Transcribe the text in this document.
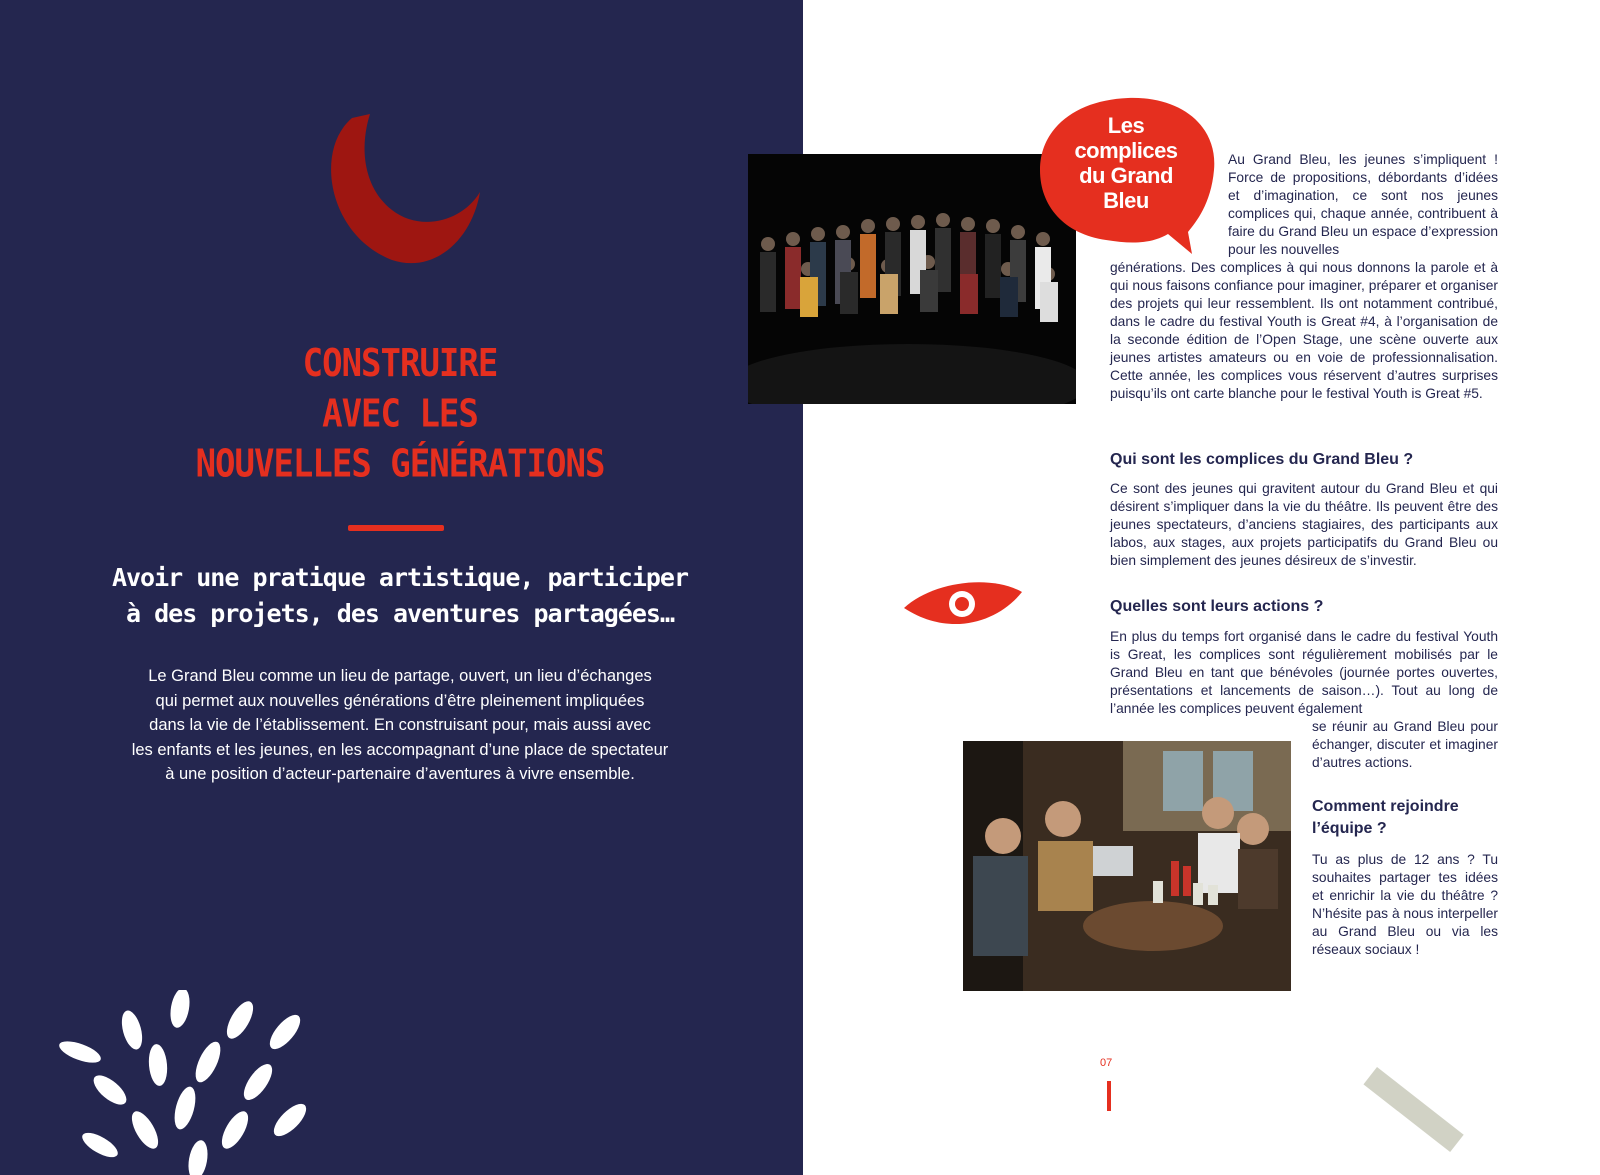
CONSTRUIRE
AVEC LES
NOUVELLES GÉNÉRATIONS
Avoir une pratique artistique, participer
à des projets, des aventures partagées…
Le Grand Bleu comme un lieu de partage, ouvert, un lieu d’échanges
qui permet aux nouvelles générations d’être pleinement impliquées
dans la vie de l’établissement. En construisant pour, mais aussi avec
les enfants et les jeunes, en les accompagnant d’une place de spectateur
à une position d’acteur-partenaire d’aventures à vivre ensemble.
Les
complices
du Grand
Bleu

Au Grand Bleu, les jeunes s’impliquent ! Force de propositions, débordants d’idées et d’imagination, ce sont nos jeunes complices qui, chaque année, contribuent à faire du Grand Bleu un espace d’expression pour les nouvelles

générations. Des complices à qui nous donnons la parole et à qui nous faisons confiance pour imaginer, préparer et organiser des projets qui leur ressemblent. Ils ont notamment contribué, dans le cadre du festival Youth is Great #4, à l’organisation de la seconde édition de l’Open Stage, une scène ouverte aux jeunes artistes amateurs ou en voie de professionnalisation. Cette année, les complices vous réservent d’autres surprises puisqu’ils ont carte blanche pour le festival Youth is Great #5.

Qui sont les complices du Grand Bleu ?

Ce sont des jeunes qui gravitent autour du Grand Bleu et qui désirent s’impliquer dans la vie du théâtre. Ils peuvent être des jeunes spectateurs, d’anciens stagiaires, des participants aux labos, aux stages, aux projets participatifs du Grand Bleu ou bien simplement des jeunes désireux de s’investir.

Quelles sont leurs actions ?

En plus du temps fort organisé dans le cadre du festival Youth is Great, les complices sont régulièrement mobilisés par le Grand Bleu en tant que bénévoles (journée portes ouvertes, présentations et lancements de saison…). Tout au long de l’année les complices peuvent également

se réunir au Grand Bleu pour échanger, discuter et imaginer d’autres actions.

Comment rejoindre l’équipe ?

Tu as plus de 12 ans ? Tu souhaites partager tes idées et enrichir la vie du théâtre ? N’hésite pas à nous interpeller au Grand Bleu ou via les réseaux sociaux !

07
